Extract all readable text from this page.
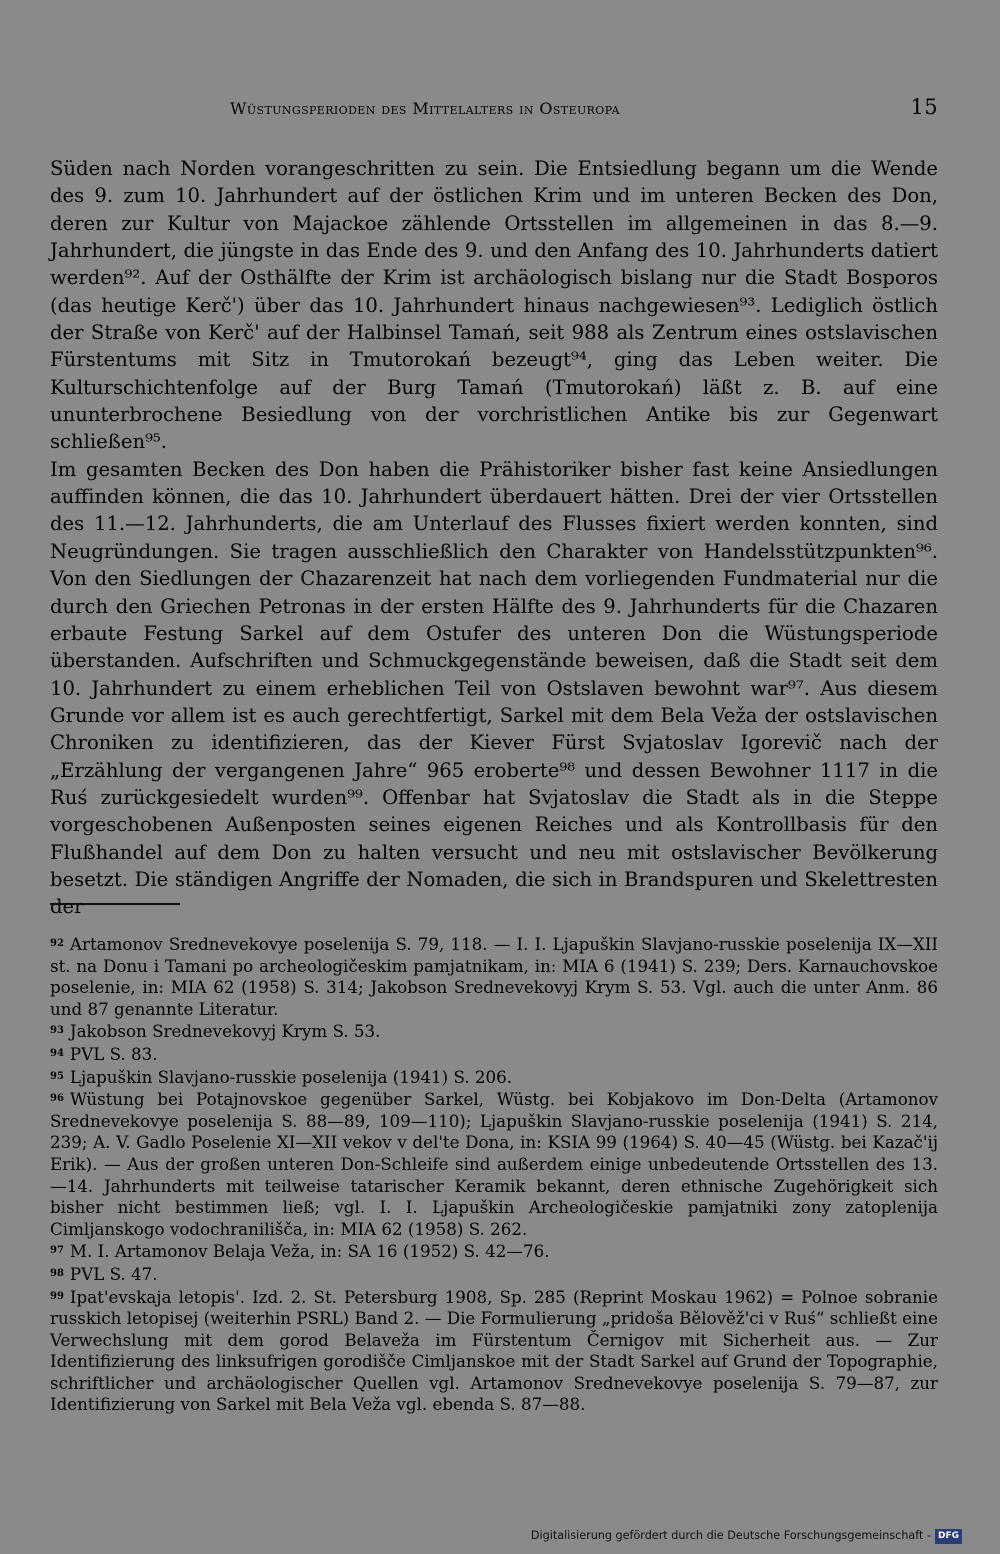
Wüstungsperioden des Mittelalters in Osteuropa	15

Süden nach Norden vorangeschritten zu sein. Die Entsiedlung begann um die Wende des 9. zum 10. Jahrhundert auf der östlichen Krim und im unteren Becken des Don, deren zur Kultur von Majackoe zählende Ortsstellen im allgemeinen in das 8.—9. Jahrhundert, die jüngste in das Ende des 9. und den Anfang des 10. Jahrhunderts datiert werden⁹². Auf der Osthälfte der Krim ist archäologisch bislang nur die Stadt Bosporos (das heutige Kerč') über das 10. Jahrhundert hinaus nachgewiesen⁹³. Lediglich östlich der Straße von Kerč' auf der Halbinsel Tamań, seit 988 als Zentrum eines ostslavischen Fürstentums mit Sitz in Tmutorokań bezeugt⁹⁴, ging das Leben weiter. Die Kulturschichtenfolge auf der Burg Tamań (Tmutorokań) läßt z. B. auf eine ununterbrochene Besiedlung von der vorchristlichen Antike bis zur Gegenwart schließen⁹⁵.

Im gesamten Becken des Don haben die Prähistoriker bisher fast keine Ansiedlungen auffinden können, die das 10. Jahrhundert überdauert hätten. Drei der vier Ortsstellen des 11.—12. Jahrhunderts, die am Unterlauf des Flusses fixiert werden konnten, sind Neugründungen. Sie tragen ausschließlich den Charakter von Handelsstützpunkten⁹⁶. Von den Siedlungen der Chazarenzeit hat nach dem vorliegenden Fundmaterial nur die durch den Griechen Petronas in der ersten Hälfte des 9. Jahrhunderts für die Chazaren erbaute Festung Sarkel auf dem Ostufer des unteren Don die Wüstungsperiode überstanden. Aufschriften und Schmuckgegenstände beweisen, daß die Stadt seit dem 10. Jahrhundert zu einem erheblichen Teil von Ostslaven bewohnt war⁹⁷. Aus diesem Grunde vor allem ist es auch gerechtfertigt, Sarkel mit dem Bela Veža der ostslavischen Chroniken zu identifizieren, das der Kiever Fürst Svjatoslav Igorevič nach der „Erzählung der vergangenen Jahre“ 965 eroberte⁹⁸ und dessen Bewohner 1117 in die Ruś zurückgesiedelt wurden⁹⁹. Offenbar hat Svjatoslav die Stadt als in die Steppe vorgeschobenen Außenposten seines eigenen Reiches und als Kontrollbasis für den Flußhandel auf dem Don zu halten versucht und neu mit ostslavischer Bevölkerung besetzt. Die ständigen Angriffe der Nomaden, die sich in Brandspuren und Skelettresten der

$^{92}$ Artamonov Srednevekovye poselenija S. 79, 118. — I. I. Ljapuškin Slavjano-russkie poselenija IX—XII st. na Donu i Tamani po archeologičeskim pamjatnikam, in: MIA 6 (1941) S. 239; Ders. Karnauchovskoe poselenie, in: MIA 62 (1958) S. 314; Jakobson Srednevekovyj Krym S. 53. Vgl. auch die unter Anm. 86 und 87 genannte Literatur.

$^{93}$ Jakobson Srednevekovyj Krym S. 53.

$^{94}$ PVL S. 83.

$^{95}$ Ljapuškin Slavjano-russkie poselenija (1941) S. 206.

$^{96}$ Wüstung bei Potajnovskoe gegenüber Sarkel, Wüstg. bei Kobjakovo im Don-Delta (Artamonov Srednevekovye poselenija S. 88—89, 109—110); Ljapuškin Slavjano-russkie poselenija (1941) S. 214, 239; A. V. Gadlo Poselenie XI—XII vekov v del'te Dona, in: KSIA 99 (1964) S. 40—45 (Wüstg. bei Kazač'ij Erik). — Aus der großen unteren Don-Schleife sind außerdem einige unbedeutende Ortsstellen des 13.—14. Jahrhunderts mit teilweise tatarischer Keramik bekannt, deren ethnische Zugehörigkeit sich bisher nicht bestimmen ließ; vgl. I. I. Ljapuškin Archeologičeskie pamjatniki zony zatoplenija Cimljanskogo vodochranilišča, in: MIA 62 (1958) S. 262.

$^{97}$ M. I. Artamonov Belaja Veža, in: SA 16 (1952) S. 42—76.

$^{98}$ PVL S. 47.

$^{99}$ Ipat'evskaja letopis'. Izd. 2. St. Petersburg 1908, Sp. 285 (Reprint Moskau 1962) = Polnoe sobranie russkich letopisej (weiterhin PSRL) Band 2. — Die Formulierung „pridoša Bělověž'ci v Ruś“ schließt eine Verwechslung mit dem gorod Belaveža im Fürstentum Černigov mit Sicherheit aus. — Zur Identifizierung des linksufrigen gorodišče Cimljanskoe mit der Stadt Sarkel auf Grund der Topographie, schriftlicher und archäologischer Quellen vgl. Artamonov Srednevekovye poselenija S. 79—87, zur Identifizierung von Sarkel mit Bela Veža vgl. ebenda S. 87—88.

Digitalisierung gefördert durch die Deutsche Forschungsgemeinschaft - DFG
